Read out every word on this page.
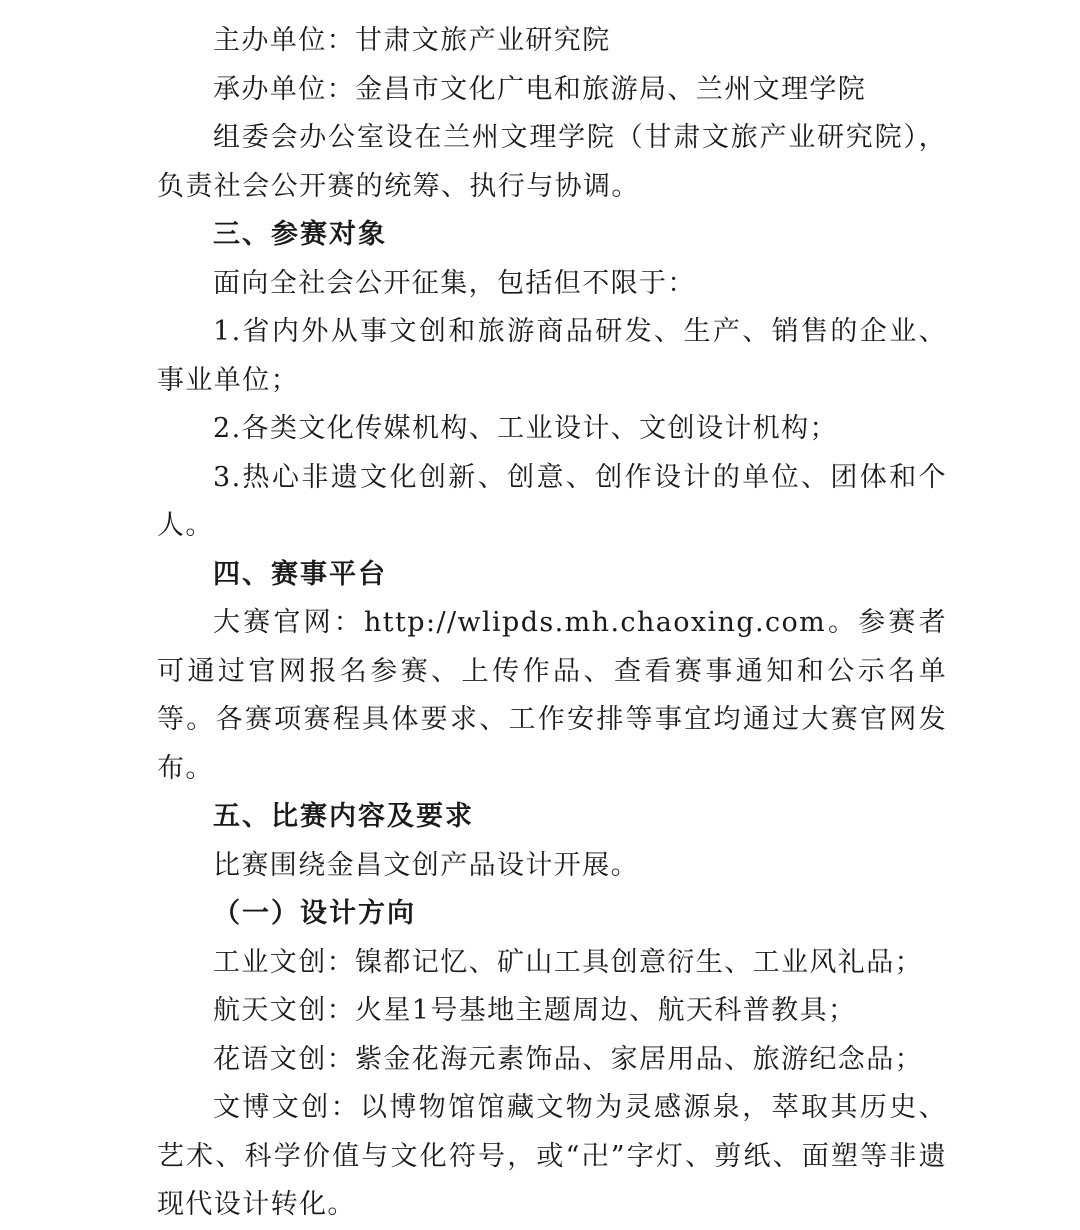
主办单位：甘肃文旅产业研究院

承办单位：金昌市文化广电和旅游局、兰州文理学院

组委会办公室设在兰州文理学院（甘肃文旅产业研究院），负责社会公开赛的统筹、执行与协调。

三、参赛对象

面向全社会公开征集，包括但不限于：

1.省内外从事文创和旅游商品研发、生产、销售的企业、事业单位；

2.各类文化传媒机构、工业设计、文创设计机构；

3.热心非遗文化创新、创意、创作设计的单位、团体和个人。

四、赛事平台

大赛官网：http://wlipds.mh.chaoxing.com。参赛者可通过官网报名参赛、上传作品、查看赛事通知和公示名单等。各赛项赛程具体要求、工作安排等事宜均通过大赛官网发布。

五、比赛内容及要求

比赛围绕金昌文创产品设计开展。

（一）设计方向

工业文创：镍都记忆、矿山工具创意衍生、工业风礼品；

航天文创：火星1号基地主题周边、航天科普教具；

花语文创：紫金花海元素饰品、家居用品、旅游纪念品；

文博文创：以博物馆馆藏文物为灵感源泉，萃取其历史、艺术、科学价值与文化符号，或“卍”字灯、剪纸、面塑等非遗现代设计转化。
